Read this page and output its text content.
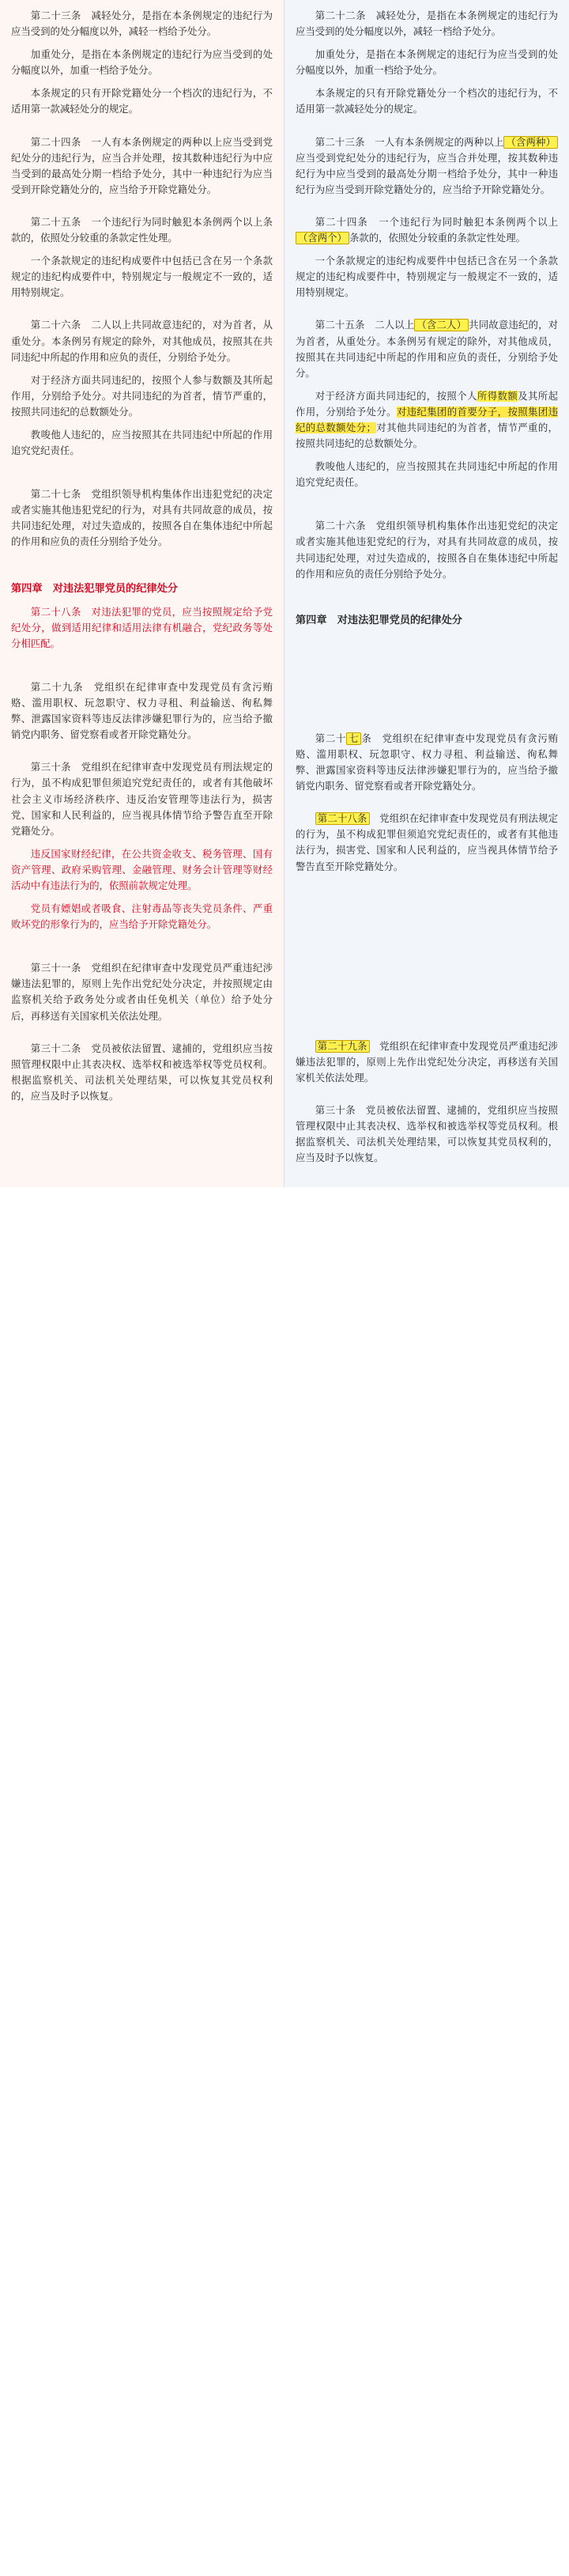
第二十三条　减轻处分，是指在本条例规定的违纪行为应当受到的处分幅度以外，减轻一档给予处分。

加重处分，是指在本条例规定的违纪行为应当受到的处分幅度以外，加重一档给予处分。

本条规定的只有开除党籍处分一个档次的违纪行为，不适用第一款减轻处分的规定。

第二十四条　一人有本条例规定的两种以上应当受到党纪处分的违纪行为，应当合并处理，按其数种违纪行为中应当受到的最高处分期一档给予处分，其中一种违纪行为应当受到开除党籍处分的，应当给予开除党籍处分。

第二十五条　一个违纪行为同时触犯本条例两个以上条款的，依照处分较重的条款定性处理。

一个条款规定的违纪构成要件中包括已含在另一个条款规定的违纪构成要件中，特别规定与一般规定不一致的，适用特别规定。

第二十六条　二人以上共同故意违纪的，对为首者，从重处分。本条例另有规定的除外，对其他成员，按照其在共同违纪中所起的作用和应负的责任，分别给予处分。

对于经济方面共同违纪的，按照个人参与数额及其所起作用，分别给予处分。对共同违纪的为首者，情节严重的，按照共同违纪的总数额处分。

教唆他人违纪的，应当按照其在共同违纪中所起的作用追究党纪责任。

第二十七条　党组织领导机构集体作出违犯党纪的决定或者实施其他违犯党纪的行为，对具有共同故意的成员，按共同违纪处理，对过失造成的，按照各自在集体违纪中所起的作用和应负的责任分别给予处分。

第四章　对违法犯罪党员的纪律处分

第二十八条　对违法犯罪的党员，应当按照规定给予党纪处分，做到适用纪律和适用法律有机融合，党纪政务等处分相匹配。

第二十九条　党组织在纪律审查中发现党员有贪污贿赂、滥用职权、玩忽职守、权力寻租、利益输送、徇私舞弊、泄露国家资料等违反法律涉嫌犯罪行为的，应当给予撤销党内职务、留党察看或者开除党籍处分。

第三十条　党组织在纪律审查中发现党员有刑法规定的行为，虽不构成犯罪但须追究党纪责任的，或者有其他破坏社会主义市场经济秩序、违反治安管理等违法行为，损害党、国家和人民利益的，应当视具体情节给予警告直至开除党籍处分。

违反国家财经纪律，在公共资金收支、税务管理、国有资产管理、政府采购管理、金融管理、财务会计管理等财经活动中有违法行为的，依照前款规定处理。

党员有嫖娼或者吸食、注射毒品等丧失党员条件、严重败坏党的形象行为的，应当给予开除党籍处分。

第三十一条　党组织在纪律审查中发现党员严重违纪涉嫌违法犯罪的，原则上先作出党纪处分决定，并按照规定由监察机关给予政务处分或者由任免机关（单位）给予处分后，再移送有关国家机关依法处理。

第三十二条　党员被依法留置、逮捕的，党组织应当按照管理权限中止其表决权、选举权和被选举权等党员权利。根据监察机关、司法机关处理结果，可以恢复其党员权利的，应当及时予以恢复。

第二十二条　减轻处分，是指在本条例规定的违纪行为应当受到的处分幅度以外，减轻一档给予处分。

加重处分，是指在本条例规定的违纪行为应当受到的处分幅度以外，加重一档给予处分。

本条规定的只有开除党籍处分一个档次的违纪行为，不适用第一款减轻处分的规定。

第二十三条　一人有本条例规定的两种以上 （含两种）应当受到党纪处分的违纪行为，应当合并处理，按其数种违纪行为中应当受到的最高处分期一档给予处分，其中一种违纪行为应当受到开除党籍处分的，应当给予开除党籍处分。

第二十四条　一个违纪行为同时触犯本条例两个以上（含两个） 条款的，依照处分较重的条款定性处理。

一个条款规定的违纪构成要件中包括已含在另一个条款规定的违纪构成要件中，特别规定与一般规定不一致的，适用特别规定。

第二十五条　二人以上 （含二人） 共同故意违纪的，对为首者，从重处分。本条例另有规定的除外，对其他成员，按照其在共同违纪中所起的作用和应负的责任，分别给予处分。

对于经济方面共同违纪的，按照个人所得数额及其所起作用，分别给予处分。对违纪集团的首要分子，按照集团违纪的总数额处分；对其他共同违纪的为首者，情节严重的，按照共同违纪的总数额处分。

教唆他人违纪的，应当按照其在共同违纪中所起的作用追究党纪责任。

第二十六条　党组织领导机构集体作出违犯党纪的决定或者实施其他违犯党纪的行为，对具有共同故意的成员，按共同违纪处理，对过失造成的，按照各自在集体违纪中所起的作用和应负的责任分别给予处分。

第四章　对违法犯罪党员的纪律处分

第二十 七 条　党组织在纪律审查中发现党员有贪污贿赂、滥用职权、玩忽职守、权力寻租、利益输送、徇私舞弊、泄露国家资料等违反法律涉嫌犯罪行为的，应当给予撤销党内职务、留党察看或者开除党籍处分。

第二十八条　党组织在纪律审查中发现党员有刑法规定的行为，虽不构成犯罪但须追究党纪责任的，或者有其他违法行为，损害党、国家和人民利益的，应当视具体情节给予警告直至开除党籍处分。

第二十九条　党组织在纪律审查中发现党员严重违纪涉嫌违法犯罪的，原则上先作出党纪处分决定，再移送有关国家机关依法处理。

第三十条　党员被依法留置、逮捕的，党组织应当按照管理权限中止其表决权、选举权和被选举权等党员权利。根据监察机关、司法机关处理结果，可以恢复其党员权利的，应当及时予以恢复。
